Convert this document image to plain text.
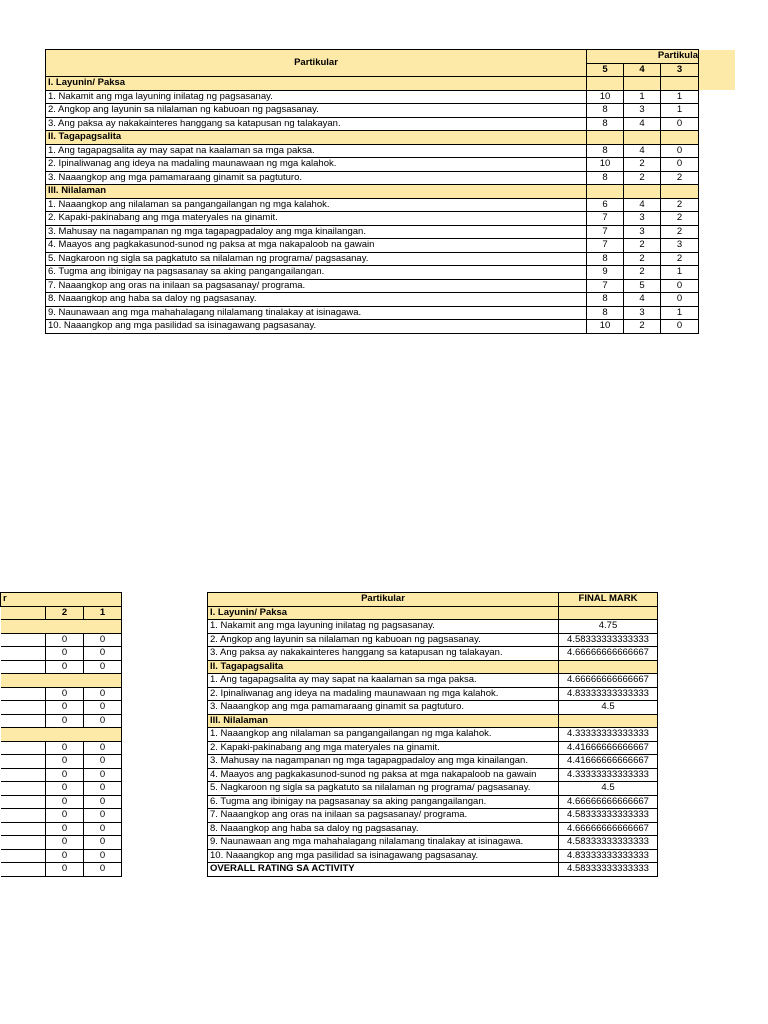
Partikular	Partikula		
	5	4	3
I. Layunin/ Paksa			
1. Nakamit ang mga layuning inilatag ng pagsasanay.	10	1	1
2. Angkop ang layunin sa nilalaman ng kabuoan ng pagsasanay.	8	3	1
3. Ang paksa ay nakakainteres hanggang sa katapusan ng talakayan.	8	4	0
II. Tagapagsalita			
1. Ang tagapagsalita ay may sapat na kaalaman sa mga paksa.	8	4	0
2. Ipinaliwanag ang ideya na madaling maunawaan ng mga kalahok.	10	2	0
3. Naaangkop ang mga pamamaraang ginamit sa pagtuturo.	8	2	2
III. Nilalaman			
1. Naaangkop ang nilalaman sa pangangailangan ng mga kalahok.	6	4	2
2. Kapaki-pakinabang ang mga materyales na ginamit.	7	3	2
3. Mahusay na nagampanan ng mga tagapagpadaloy ang mga kinailangan.	7	3	2
4. Maayos ang pagkakasunod-sunod ng paksa at mga nakapaloob na gawain	7	2	3
5. Nagkaroon ng sigla sa pagkatuto sa nilalaman ng programa/ pagsasanay.	8	2	2
6. Tugma ang ibinigay na pagsasanay sa aking pangangailangan.	9	2	1
7. Naaangkop ang oras na inilaan sa pagsasanay/ programa.	7	5	0
8. Naaangkop ang haba sa daloy ng pagsasanay.	8	4	0
9. Naunawaan ang mga mahahalagang nilalamang tinalakay at isinagawa.	8	3	1
10. Naaangkop ang mga pasilidad sa isinagawang pagsasanay.	10	2	0
r		
	2	1

	0	0
	0	0
	0	0

	0	0
	0	0
	0	0

	0	0
	0	0
	0	0
	0	0
	0	0
	0	0
	0	0
	0	0
	0	0
	0	0
Partikular	FINAL MARK
I. Layunin/ Paksa	
1. Nakamit ang mga layuning inilatag ng pagsasanay.	4.75
2. Angkop ang layunin sa nilalaman ng kabuoan ng pagsasanay.	4.58333333333333
3. Ang paksa ay nakakainteres hanggang sa katapusan ng talakayan.	4.66666666666667
II. Tagapagsalita	
1. Ang tagapagsalita ay may sapat na kaalaman sa mga paksa.	4.66666666666667
2. Ipinaliwanag ang ideya na madaling maunawaan ng mga kalahok.	4.83333333333333
3. Naaangkop ang mga pamamaraang ginamit sa pagtuturo.	4.5
III. Nilalaman	
1. Naaangkop ang nilalaman sa pangangailangan ng mga kalahok.	4.33333333333333
2. Kapaki-pakinabang ang mga materyales na ginamit.	4.41666666666667
3. Mahusay na nagampanan ng mga tagapagpadaloy ang mga kinailangan.	4.41666666666667
4. Maayos ang pagkakasunod-sunod ng paksa at mga nakapaloob na gawain	4.33333333333333
5. Nagkaroon ng sigla sa pagkatuto sa nilalaman ng programa/ pagsasanay.	4.5
6. Tugma ang ibinigay na pagsasanay sa aking pangangailangan.	4.66666666666667
7. Naaangkop ang oras na inilaan sa pagsasanay/ programa.	4.58333333333333
8. Naaangkop ang haba sa daloy ng pagsasanay.	4.66666666666667
9. Naunawaan ang mga mahahalagang nilalamang tinalakay at isinagawa.	4.58333333333333
10. Naaangkop ang mga pasilidad sa isinagawang pagsasanay.	4.83333333333333
OVERALL RATING SA ACTIVITY	4.58333333333333
